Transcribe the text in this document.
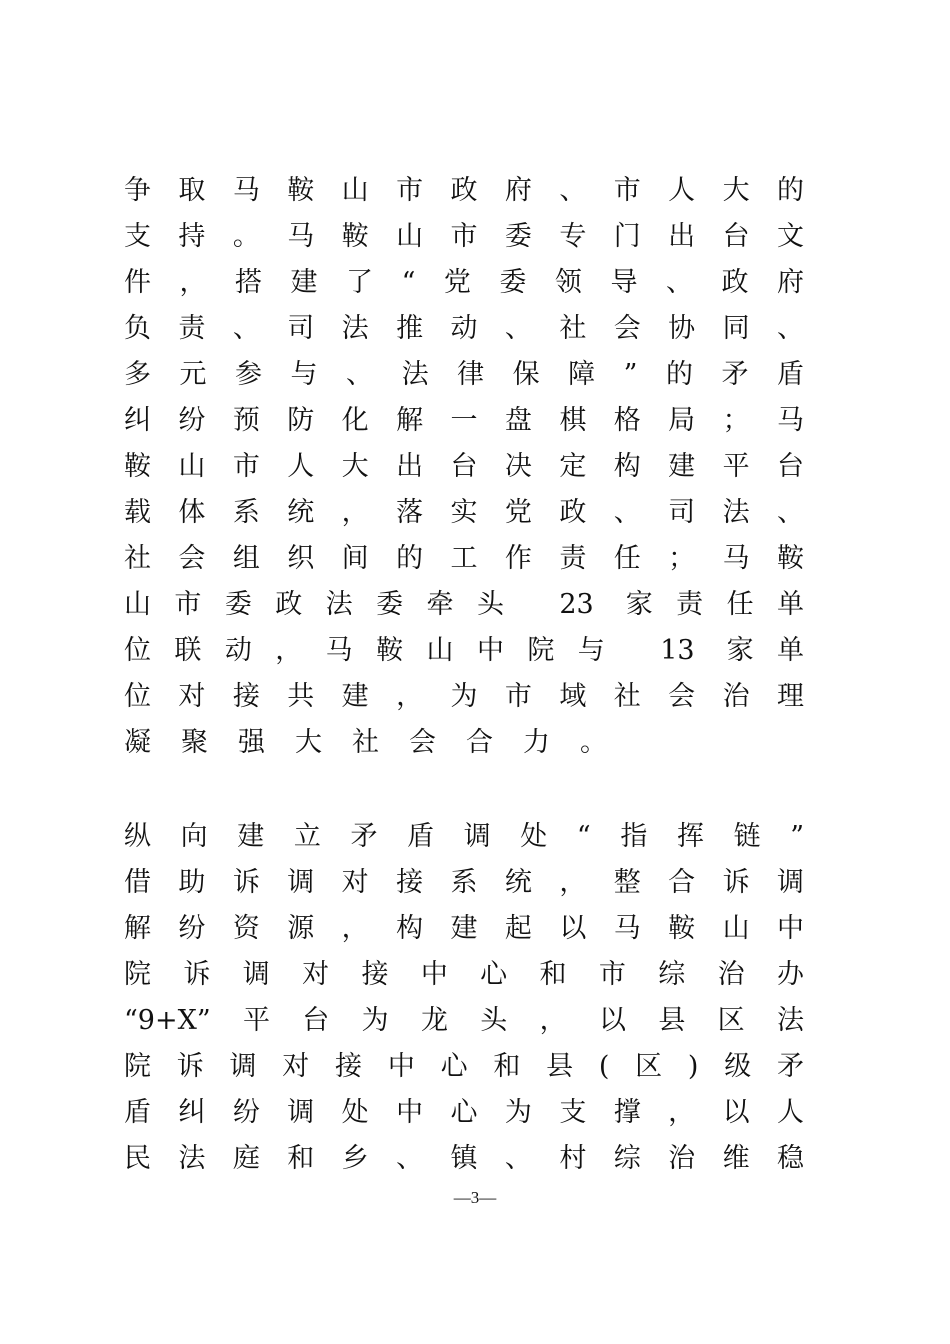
争取马鞍山市政府、市人大的
支持。马鞍山市委专门出台文
件，搭建了“党委领导、政府
负责、司法推动、社会协同、
多元参与、法律保障”的矛盾
纠纷预防化解一盘棋格局；马
鞍山市人大出台决定构建平台
载体系统，落实党政、司法、
社会组织间的工作责任；马鞍
山市委政法委牵头 23 家责任单
位联动，马鞍山中院与 13 家单
位对接共建，为市域社会治理
凝聚强大社会合力。
纵向建立矛盾调处“指挥链”
借助诉调对接系统，整合诉调
解纷资源，构建起以马鞍山中
院诉调对接中心和市综治办
“9+X”平台为龙头，以县区法
院诉调对接中心和县(区)级矛
盾纠纷调处中心为支撑，以人
民法庭和乡、镇、村综治维稳
—3—
